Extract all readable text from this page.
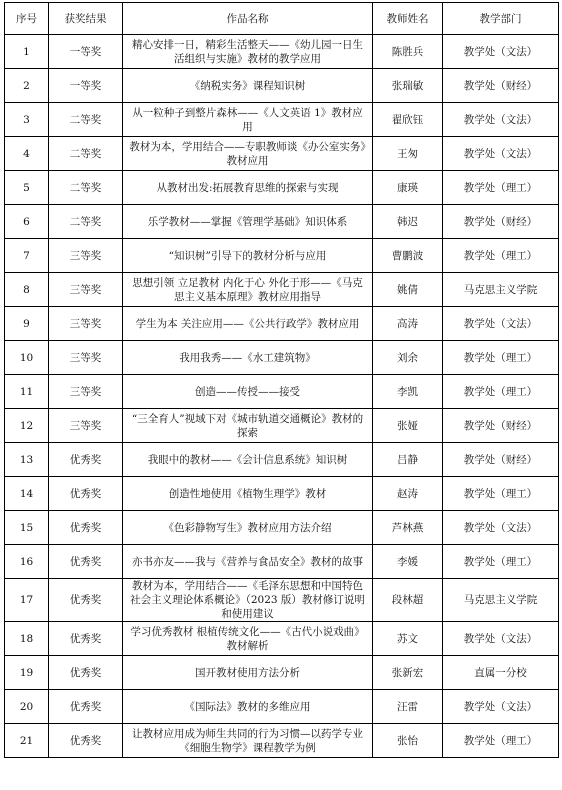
序号	获奖结果	作品名称	教师姓名	教学部门
1	一等奖	精心安排一日，精彩生活整天——《幼儿园一日生活组织与实施》教材的教学应用	陈胜兵	教学处（文法）
2	一等奖	《纳税实务》课程知识树	张瑞敏	教学处（财经）
3	二等奖	从一粒种子到整片森林——《人文英语 1》教材应用	翟欣钰	教学处（文法）
4	二等奖	教材为本，学用结合——专职教师谈《办公室实务》教材应用	王匆	教学处（文法）
5	二等奖	从教材出发:拓展教育思维的探索与实现	康瑛	教学处（理工）
6	二等奖	乐学教材——掌握《管理学基础》知识体系	韩迟	教学处（财经）
7	三等奖	“知识树”引导下的教材分析与应用	曹鹏波	教学处（理工）
8	三等奖	思想引领 立足教材 内化于心 外化于形——《马克思主义基本原理》教材应用指导	姚倩	马克思主义学院
9	三等奖	学生为本 关注应用——《公共行政学》教材应用	高涛	教学处（文法）
10	三等奖	我用我秀——《水工建筑物》	刘余	教学处（理工）
11	三等奖	创造——传授——接受	李凯	教学处（理工）
12	三等奖	“三全育人”视域下对《城市轨道交通概论》教材的探索	张娅	教学处（财经）
13	优秀奖	我眼中的教材——《会计信息系统》知识树	吕静	教学处（财经）
14	优秀奖	创造性地使用《植物生理学》教材	赵涛	教学处（理工）
15	优秀奖	《色彩静物写生》教材应用方法介绍	芦林燕	教学处（文法）
16	优秀奖	亦书亦友——我与《营养与食品安全》教材的故事	李媛	教学处（理工）
17	优秀奖	教材为本，学用结合——《毛泽东思想和中国特色社会主义理论体系概论》（2023 版）教材修订说明和使用建议	段林超	马克思主义学院
18	优秀奖	学习优秀教材 根植传统文化——《古代小说戏曲》教材解析	苏文	教学处（文法）
19	优秀奖	国开教材使用方法分析	张新宏	直属一分校
20	优秀奖	《国际法》教材的多维应用	汪雷	教学处（文法）
21	优秀奖	让教材应用成为师生共同的行为习惯—以药学专业《细胞生物学》课程教学为例	张怡	教学处（理工）
